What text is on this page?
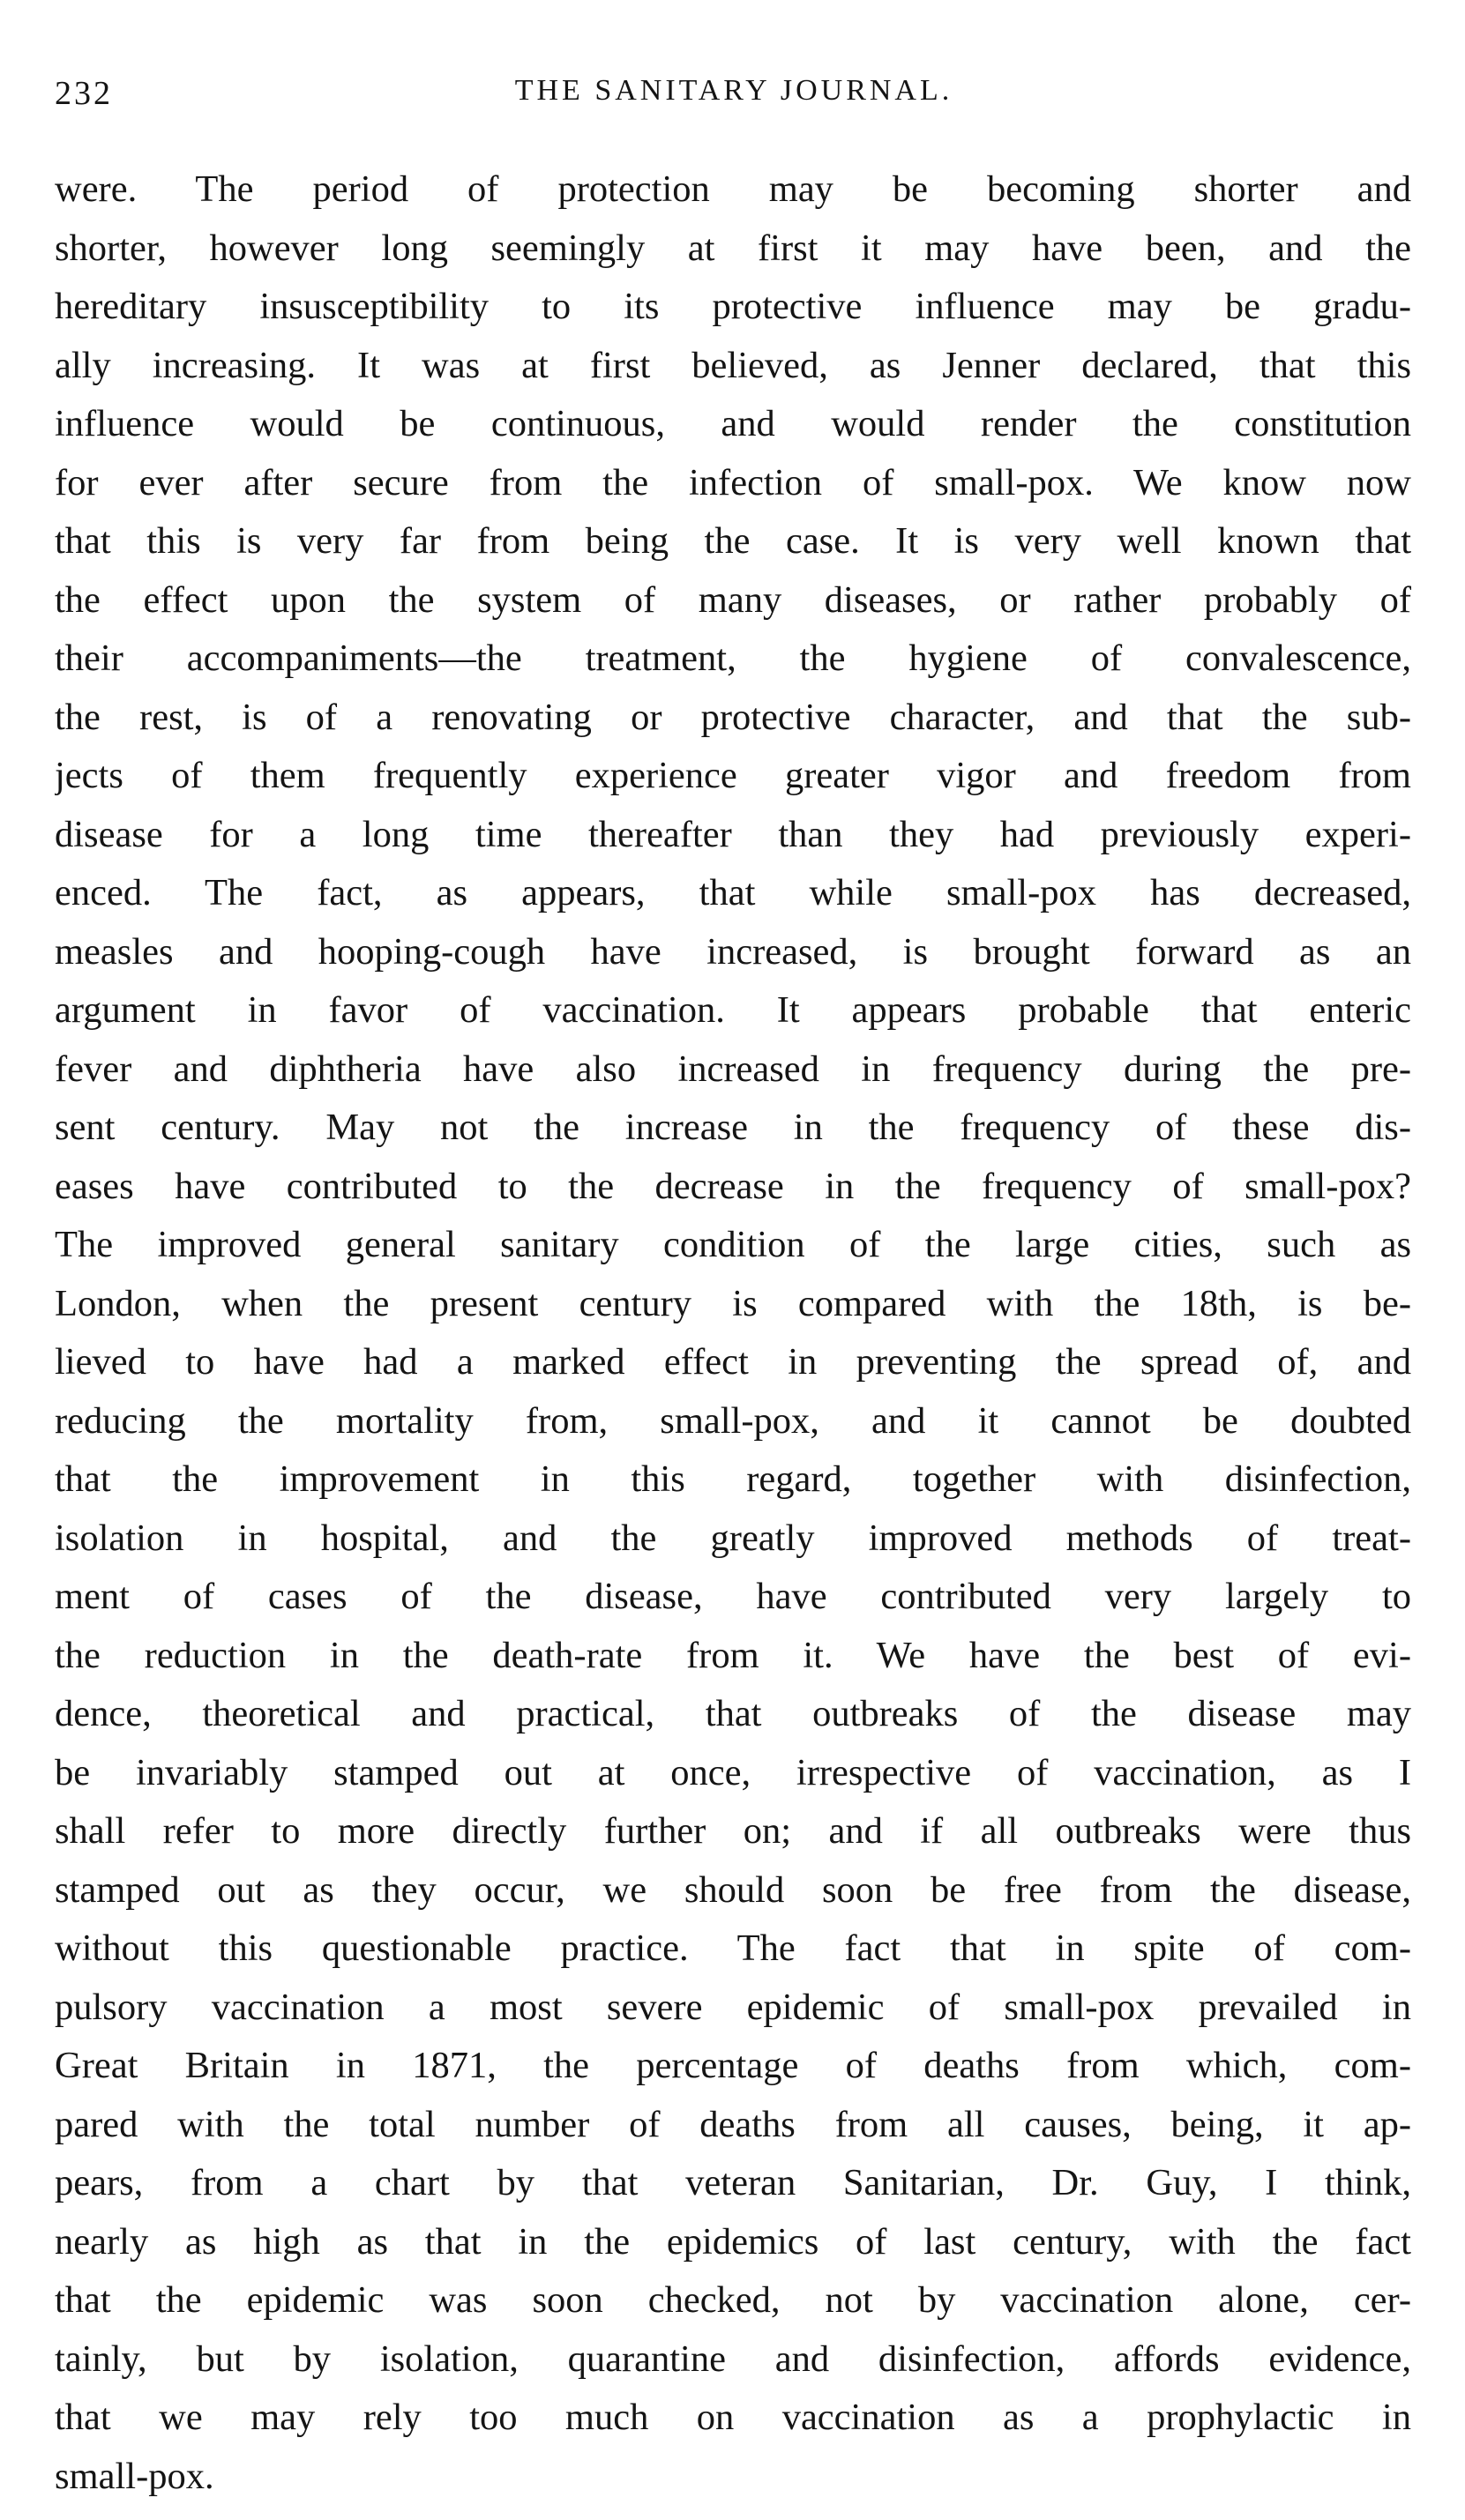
232	THE SANITARY JOURNAL.
were. The period of protection may be becoming shorter and
shorter, however long seemingly at first it may have been, and the
hereditary insusceptibility to its protective influence may be gradu-
ally increasing. It was at first believed, as Jenner declared, that this
influence would be continuous, and would render the constitution
for ever after secure from the infection of small-pox. We know now
that this is very far from being the case. It is very well known that
the effect upon the system of many diseases, or rather probably of
their accompaniments—the treatment, the hygiene of convalescence,
the rest, is of a renovating or protective character, and that the sub-
jects of them frequently experience greater vigor and freedom from
disease for a long time thereafter than they had previously experi-
enced. The fact, as appears, that while small-pox has decreased,
measles and hooping-cough have increased, is brought forward as an
argument in favor of vaccination. It appears probable that enteric
fever and diphtheria have also increased in frequency during the pre-
sent century. May not the increase in the frequency of these dis-
eases have contributed to the decrease in the frequency of small-pox?
The improved general sanitary condition of the large cities, such as
London, when the present century is compared with the 18th, is be-
lieved to have had a marked effect in preventing the spread of, and
reducing the mortality from, small-pox, and it cannot be doubted
that the improvement in this regard, together with disinfection,
isolation in hospital, and the greatly improved methods of treat-
ment of cases of the disease, have contributed very largely to
the reduction in the death-rate from it. We have the best of evi-
dence, theoretical and practical, that outbreaks of the disease may
be invariably stamped out at once, irrespective of vaccination, as I
shall refer to more directly further on; and if all outbreaks were thus
stamped out as they occur, we should soon be free from the disease,
without this questionable practice. The fact that in spite of com-
pulsory vaccination a most severe epidemic of small-pox prevailed in
Great Britain in 1871, the percentage of deaths from which, com-
pared with the total number of deaths from all causes, being, it ap-
pears, from a chart by that veteran Sanitarian, Dr. Guy, I think,
nearly as high as that in the epidemics of last century, with the fact
that the epidemic was soon checked, not by vaccination alone, cer-
tainly, but by isolation, quarantine and disinfection, affords evidence,
that we may rely too much on vaccination as a prophylactic in
small-pox.
